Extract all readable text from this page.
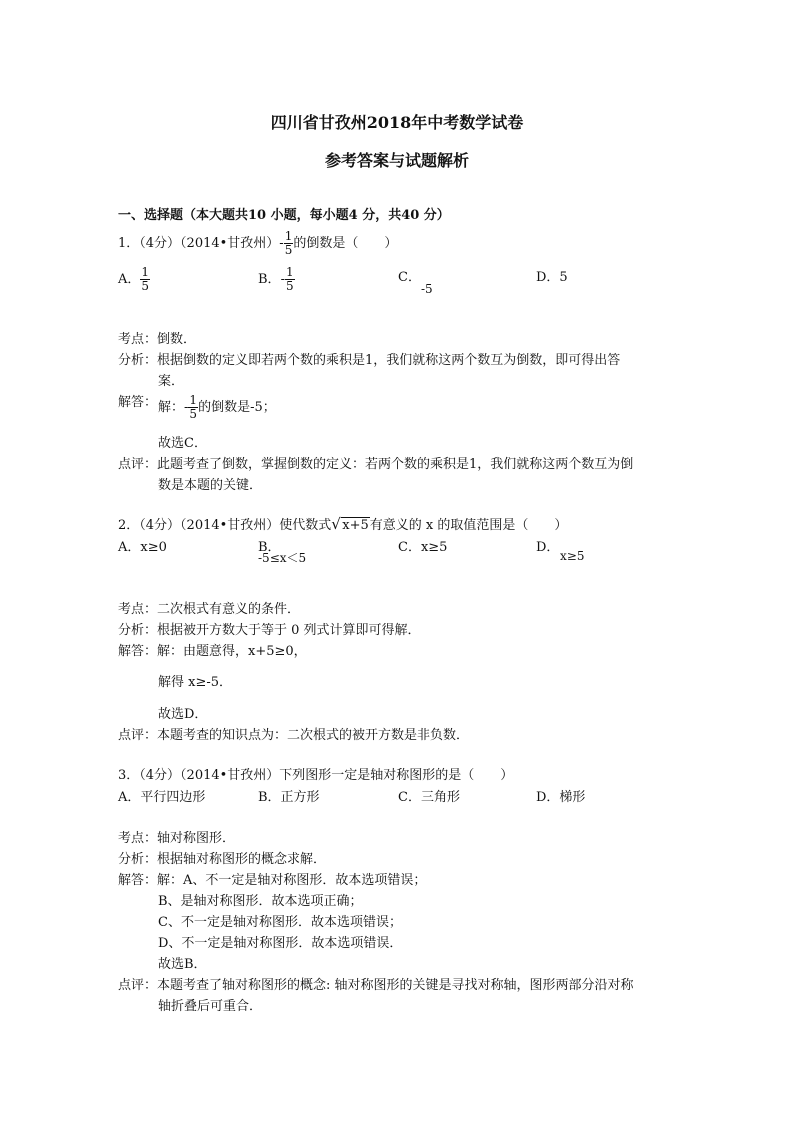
四川省甘孜州2018年中考数学试卷
参考答案与试题解析
一、选择题（本大题共10 小题，每小题4 分，共40 分）
1．（4分）（2014•甘孜州）- $\frac{1}{5}$ 的倒数是（　　）
A． $\frac{1}{5}$	B．- $\frac{1}{5}$	C．-5
D．5
考点：倒数．
分析：根据倒数的定义即若两个数的乘积是1，我们就称这两个数互为倒数，即可得出答
案．
解答： 解：- $\frac{1}{5}$ 的倒数是-5；
故选C．
点评：此题考查了倒数，掌握倒数的定义：若两个数的乘积是1，我们就称这两个数互为倒
数是本题的关键．
2．（4分）（2014•甘孜州）使代数式 √ x+5有意义的 x 的取值范围是（　　）
A．x≥0	B．
-5≤x＜5
C．x≥5	D．
x≥5
考点：二次根式有意义的条件．
分析：根据被开方数大于等于 0 列式计算即可得解．
解答：解：由题意得，x+5≥0，
解得 x≥-5．
故选D．
点评：本题考查的知识点为：二次根式的被开方数是非负数．
3．（4分）（2014•甘孜州）下列图形一定是轴对称图形的是（　　）
A．平行四边形	B．正方形	C．三角形	D．梯形
考点：轴对称图形．
分析：根据轴对称图形的概念求解．
解答：解：A、不一定是轴对称图形．故本选项错误；
B、是轴对称图形．故本选项正确；
C、不一定是轴对称图形．故本选项错误；
D、不一定是轴对称图形．故本选项错误．
故选B．
点评：本题考查了轴对称图形的概念: 轴对称图形的关键是寻找对称轴，图形两部分沿对称
轴折叠后可重合．
